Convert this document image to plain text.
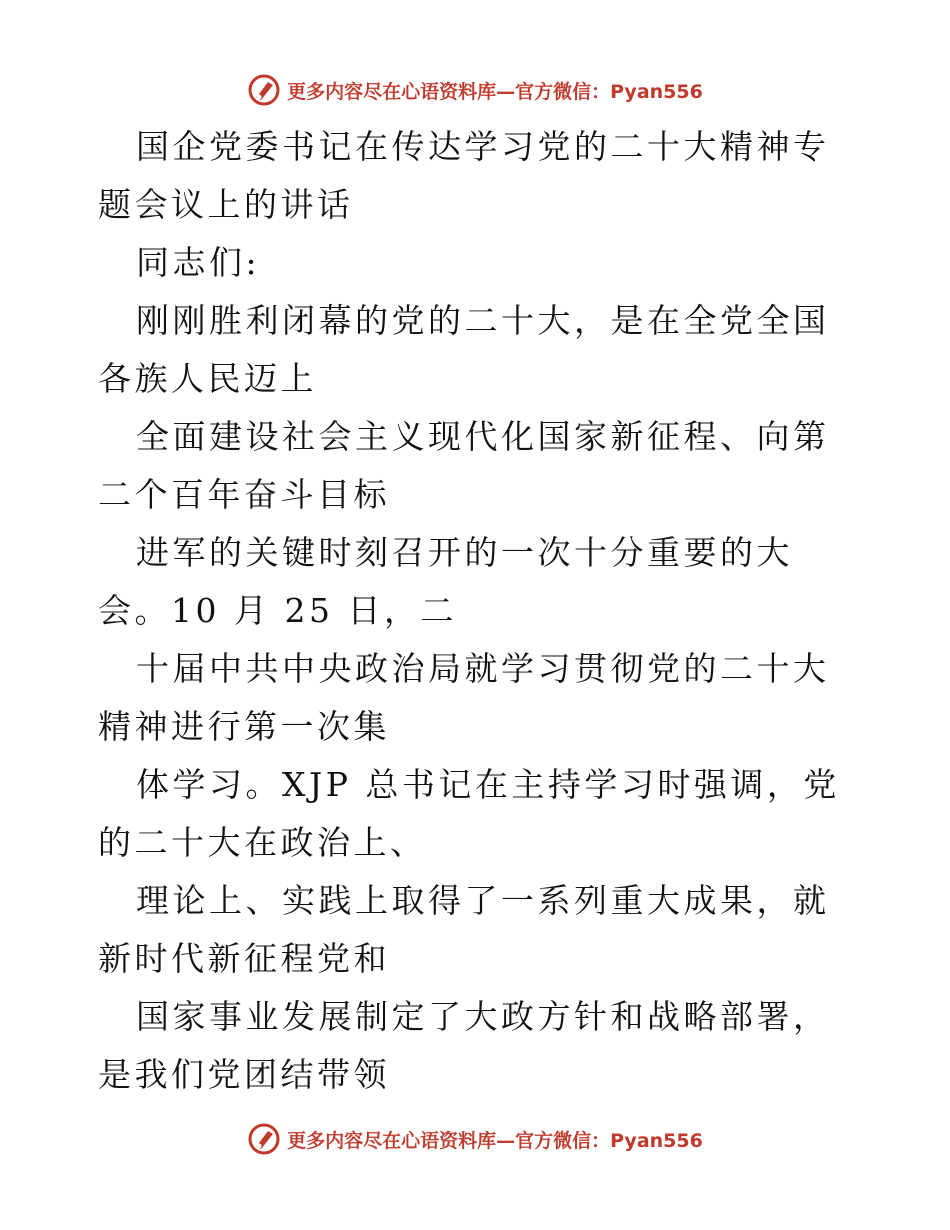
更多内容尽在心语资料库—官方微信：Pyan556

国企党委书记在传达学习党的二十大精神专题会议上的讲话

同志们:

刚刚胜利闭幕的党的二十大，是在全党全国各族人民迈上

全面建设社会主义现代化国家新征程、向第二个百年奋斗目标

进军的关键时刻召开的一次十分重要的大会。10 月 25 日，二

十届中共中央政治局就学习贯彻党的二十大精神进行第一次集

体学习。XJP 总书记在主持学习时强调，党的二十大在政治上、

理论上、实践上取得了一系列重大成果，就新时代新征程党和

国家事业发展制定了大政方针和战略部署，是我们党团结带领

更多内容尽在心语资料库—官方微信：Pyan556
